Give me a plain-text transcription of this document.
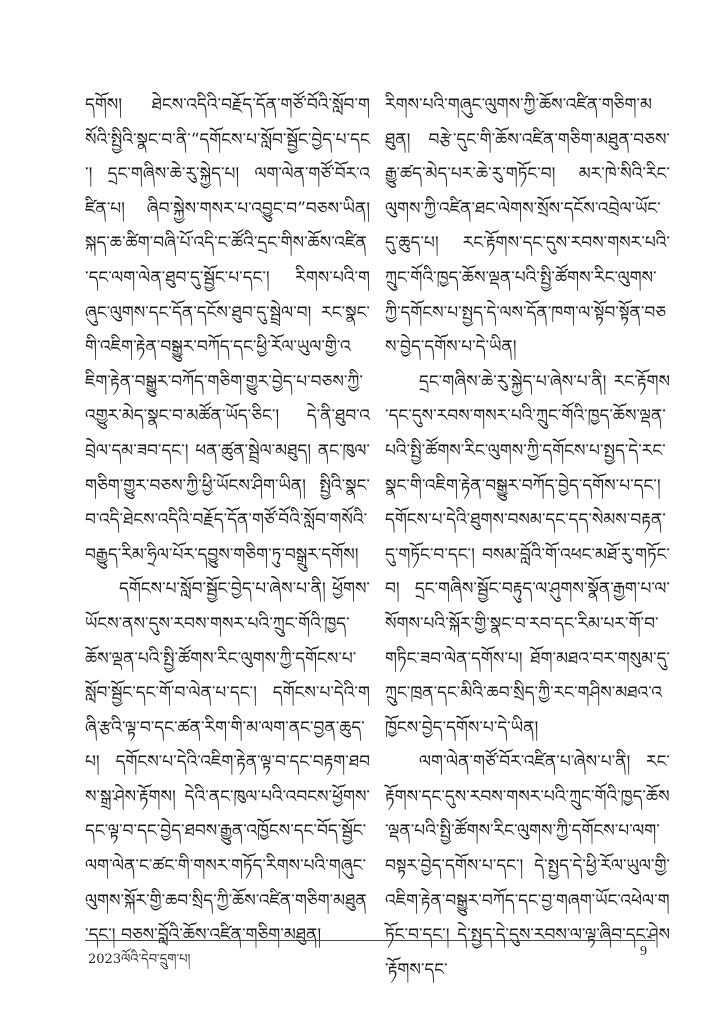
དགོས། ཐེངས་འདིའི་བརྗོད་དོན་གཙོ་བོའི་སློབ་གསོའི་སྤྱིའི་སྣང་བ་ནི་“དགོངས་པ་སློབ་སྦྱོང་བྱེད་པ་དང་། དྲང་གཞིས་ཆེ་རུ་སྐྱེད་པ། ལག་ལེན་གཙོ་བོར་འཛིན་པ། ཞིབ་སྐྱེས་གསར་པ་འབྱུང་བ”བཅས་ཡིན། སྐད་ཆ་ཚིག་བཞི་པོ་འདི་ང་ཚོའི་དྲང་གིས་ཆོས་འཛིན་དང་ལག་ལེན་ཐུབ་དུ་སྦྱོང་པ་དང་། རིགས་པའི་གཞུང་ལུགས་དང་དོན་དངོས་ཐུབ་དུ་སྦྲེལ་བ། རང་སྣང་གི་འཇིག་རྟེན་བསྒྱུར་བཀོད་དང་ཕྱི་རོལ་ཡུལ་གྱི་འཇིག་རྟེན་བསྒྱུར་བཀོད་གཅིག་གྱུར་བྱེད་པ་བཅས་ཀྱི་འགྱུར་མེད་སྣང་བ་མཚོན་ཡོད་ཅིང་། དེ་ནི་ཐུབ་འབྲེལ་དམ་ཟབ་དང་། ཕན་ཚུན་སྦྲེལ་མཐུད། ནང་ཁུལ་གཅིག་གྱུར་བཅས་ཀྱི་ཕྱི་ཡོངས་ཤིག་ཡིན། སྤྱིའི་སྣང་བ་འདི་ཐེངས་འདིའི་བརྗོད་དོན་གཙོ་བོའི་སློབ་གསོའི་བརྒྱུད་རིམ་ཧྲིལ་པོར་དབྱུས་གཅིག་ཏུ་བསྒྲུར་དགོས།

དགོངས་པ་སློབ་སྦྱོང་བྱེད་པ་ཞེས་པ་ནི། ཕྱོགས་ཡོངས་ནས་དུས་རབས་གསར་པའི་ཀྲུང་གོའི་ཁྱད་ཆོས་ལྡན་པའི་སྤྱི་ཚོགས་རིང་ལུགས་ཀྱི་དགོངས་པ་སློབ་སྦྱོང་དང་གོ་བ་ལེན་པ་དང་། དགོངས་པ་དེའི་གཞི་རྩའི་ལྟ་བ་དང་ཚན་རིག་གི་མ་ལག་ནང་བྱན་ཆུད་པ། དགོངས་པ་དེའི་འཇིག་རྟེན་ལྟ་བ་དང་བརྟག་ཐབས་སྒྲ་ཤེས་རྟོགས། དེའི་ནང་ཁུལ་པའི་འབངས་ཕྱོགས་དང་ལྟ་བ་དང་བྱེད་ཐབས་རྒྱུན་འཁྱོངས་དང་བོད་སྦྱོང་ལག་ལེན་ང་ཚང་གི་གསར་གཏོད་རིགས་པའི་གཞུང་ལུགས་སྐོར་གྱི་ཆབ་སྲིད་ཀྱི་ཆོས་འཛིན་གཅིག་མཐུན་དང་། བཅས་བློའི་ཆོས་འཛིན་གཅིག་མཐུན།

རིགས་པའི་གཞུང་ལུགས་ཀྱི་ཆོས་འཛིན་གཅིག་མཐུན། བརྩེ་དུང་གི་ཆོས་འཛིན་གཅིག་མཐུན་བཅས་རྒྱུ་ཚད་མེད་པར་ཆེ་རུ་གཏོང་བ། མར་ཁེ་སིའི་རིང་ལུགས་ཀྱི་འཛིན་ཐང་ལེགས་སྲོས་དངོས་འབྲེལ་ཡོང་དུ་ཆུད་པ། རང་རྟོགས་དང་དུས་རབས་གསར་པའི་ཀྲུང་གོའི་ཁྱད་ཆོས་ལྡན་པའི་སྤྱི་ཚོགས་རིང་ལུགས་ཀྱི་དགོངས་པ་སྤྱད་དེ་ལས་དོན་ཁག་ལ་སྟོབ་སྟོན་བཅས་བྱེད་དགོས་པ་དེ་ཡིན།

དྲང་གཞིས་ཆེ་རུ་སྐྱེད་པ་ཞེས་པ་ནི། རང་རྟོགས་དང་དུས་རབས་གསར་པའི་ཀྲུང་གོའི་ཁྱད་ཆོས་ལྡན་པའི་སྤྱི་ཚོགས་རིང་ལུགས་ཀྱི་དགོངས་པ་སྤྱད་དེ་རང་སྣང་གི་འཇིག་རྟེན་བསྒྱུར་བཀོད་བྱེད་དགོས་པ་དང་། དགོངས་པ་དེའི་ཐུགས་བསམ་དང་དད་སེམས་བརྟན་དུ་གཏོང་བ་དང་། བསམ་བློའི་གོ་འཕང་མཐོ་རུ་གཏོང་བ། དྲང་གཞིས་སྦྱོང་བརྟུད་ལ་ཤུགས་སྣོན་རྒྱག་པ་ལ་སོགས་པའི་སྐོར་གྱི་སྣང་བ་རབ་དང་རིམ་པར་གོ་བ་གཏིང་ཟབ་ལེན་དགོས་པ། ཐོག་མཐའ་བར་གསུམ་དུ་ཀྲུང་ཁྲན་དང་མིའི་ཆབ་སྲིད་ཀྱི་རང་གཤིས་མཐའ་འཁྱོངས་བྱེད་དགོས་པ་དེ་ཡིན།

ལག་ལེན་གཙོ་བོར་འཛིན་པ་ཞེས་པ་ནི། རང་རྟོགས་དང་དུས་རབས་གསར་པའི་ཀྲུང་གོའི་ཁྱད་ཆོས་ལྡན་པའི་སྤྱི་ཚོགས་རིང་ལུགས་ཀྱི་དགོངས་པ་ལག་བསྟར་བྱེད་དགོས་པ་དང་། དེ་སྤྱད་དེ་ཕྱི་རོལ་ཡུལ་གྱི་འཇིག་རྟེན་བསྒྱུར་བཀོད་དང་བྱ་གཞག་ཡོང་འཕེལ་གཏོང་བ་དང་། དེ་སྤྱད་དེ་དུས་རབས་ལ་ལྟ་ཞིབ་དང་ཤེས་རྟོགས་དང་

2023ལོའི་དེབ་དྲུག་པ།
9
